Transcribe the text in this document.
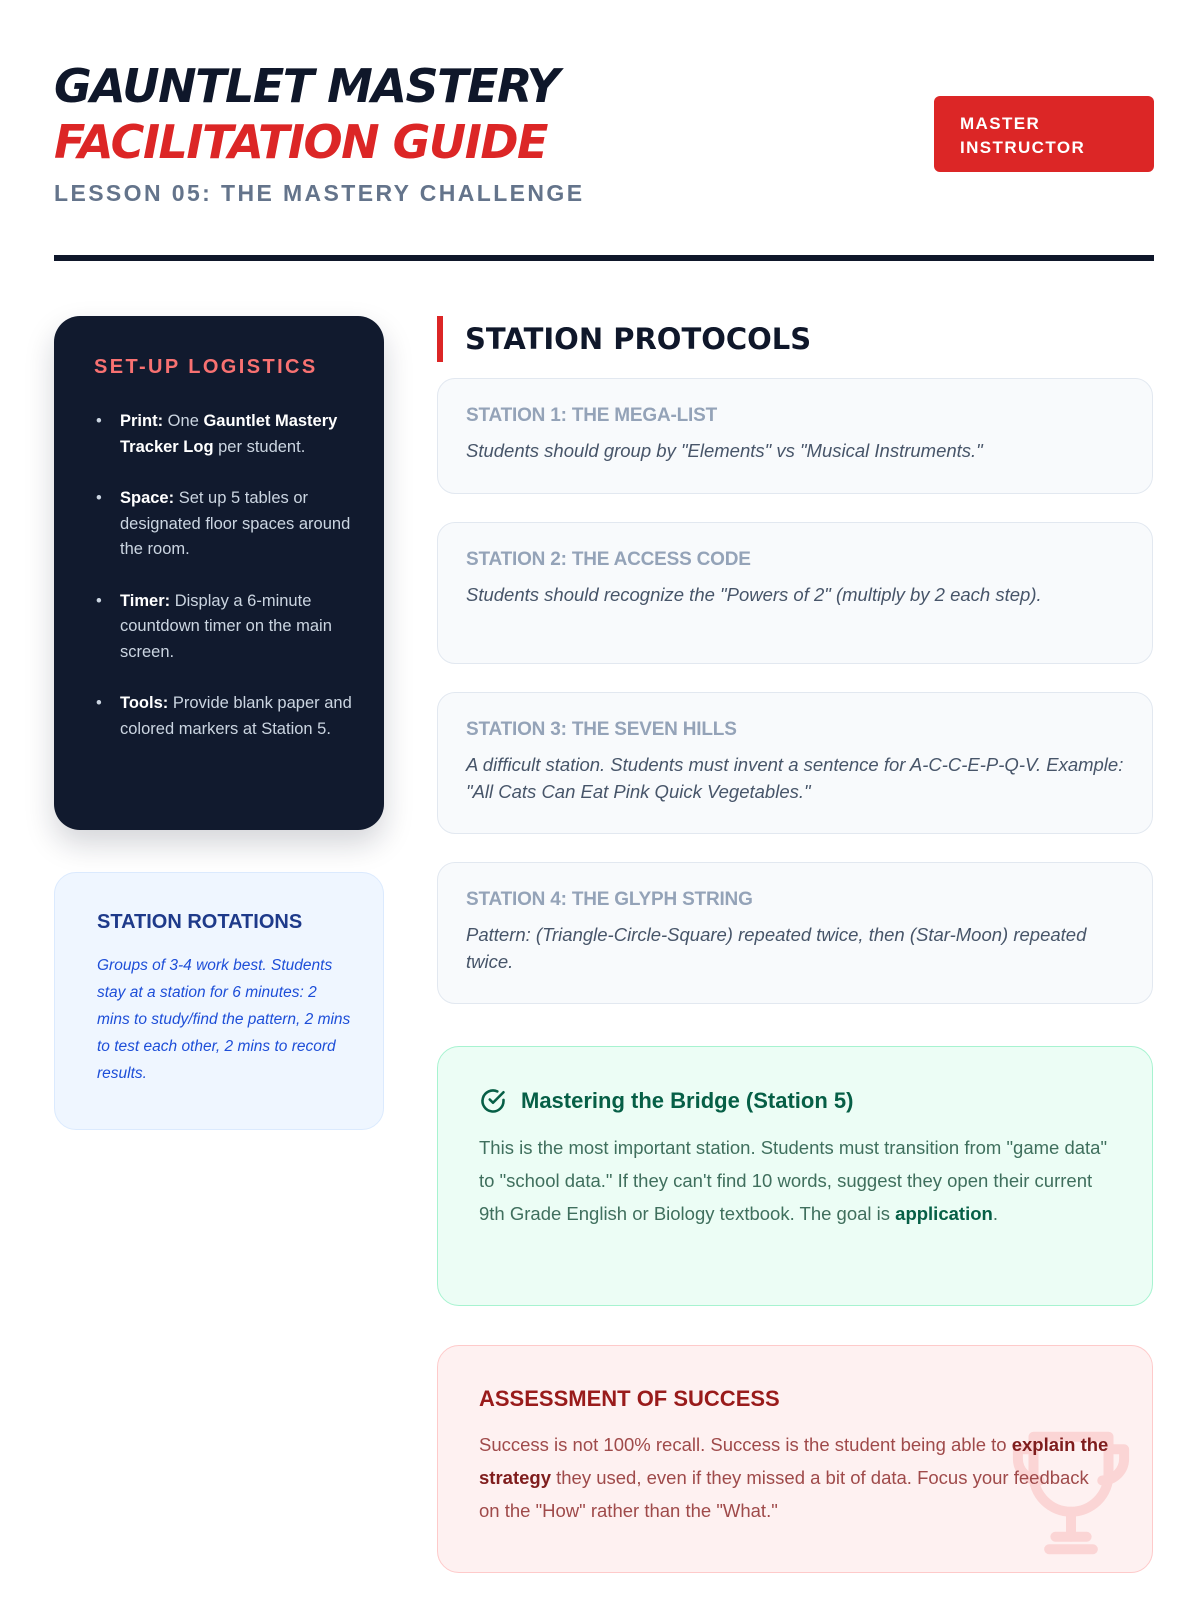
GAUNTLET MASTERY
FACILITATION GUIDE
LESSON 05: THE MASTERY CHALLENGE
MASTER
INSTRUCTOR
SET-UP LOGISTICS
• Print: One Gauntlet Mastery Tracker Log per student.
• Space: Set up 5 tables or designated floor spaces around the room.
• Timer: Display a 6-minute countdown timer on the main screen.
• Tools: Provide blank paper and colored markers at Station 5.
STATION ROTATIONS

Groups of 3-4 work best. Students stay at a station for 6 minutes: 2 mins to study/find the pattern, 2 mins to test each other, 2 mins to record results.

STATION PROTOCOLS
STATION 1: THE MEGA-LIST

Students should group by "Elements" vs "Musical Instruments."

STATION 2: THE ACCESS CODE

Students should recognize the "Powers of 2" (multiply by 2 each step).

STATION 3: THE SEVEN HILLS

A difficult station. Students must invent a sentence for A-C-C-E-P-Q-V. Example: "All Cats Can Eat Pink Quick Vegetables."

STATION 4: THE GLYPH STRING

Pattern: (Triangle-Circle-Square) repeated twice, then (Star-Moon) repeated twice.

Mastering the Bridge (Station 5)

This is the most important station. Students must transition from "game data" to "school data." If they can't find 10 words, suggest they open their current 9th Grade English or Biology textbook. The goal is application.

ASSESSMENT OF SUCCESS

Success is not 100% recall. Success is the student being able to explain the strategy they used, even if they missed a bit of data. Focus your feedback on the "How" rather than the "What."
